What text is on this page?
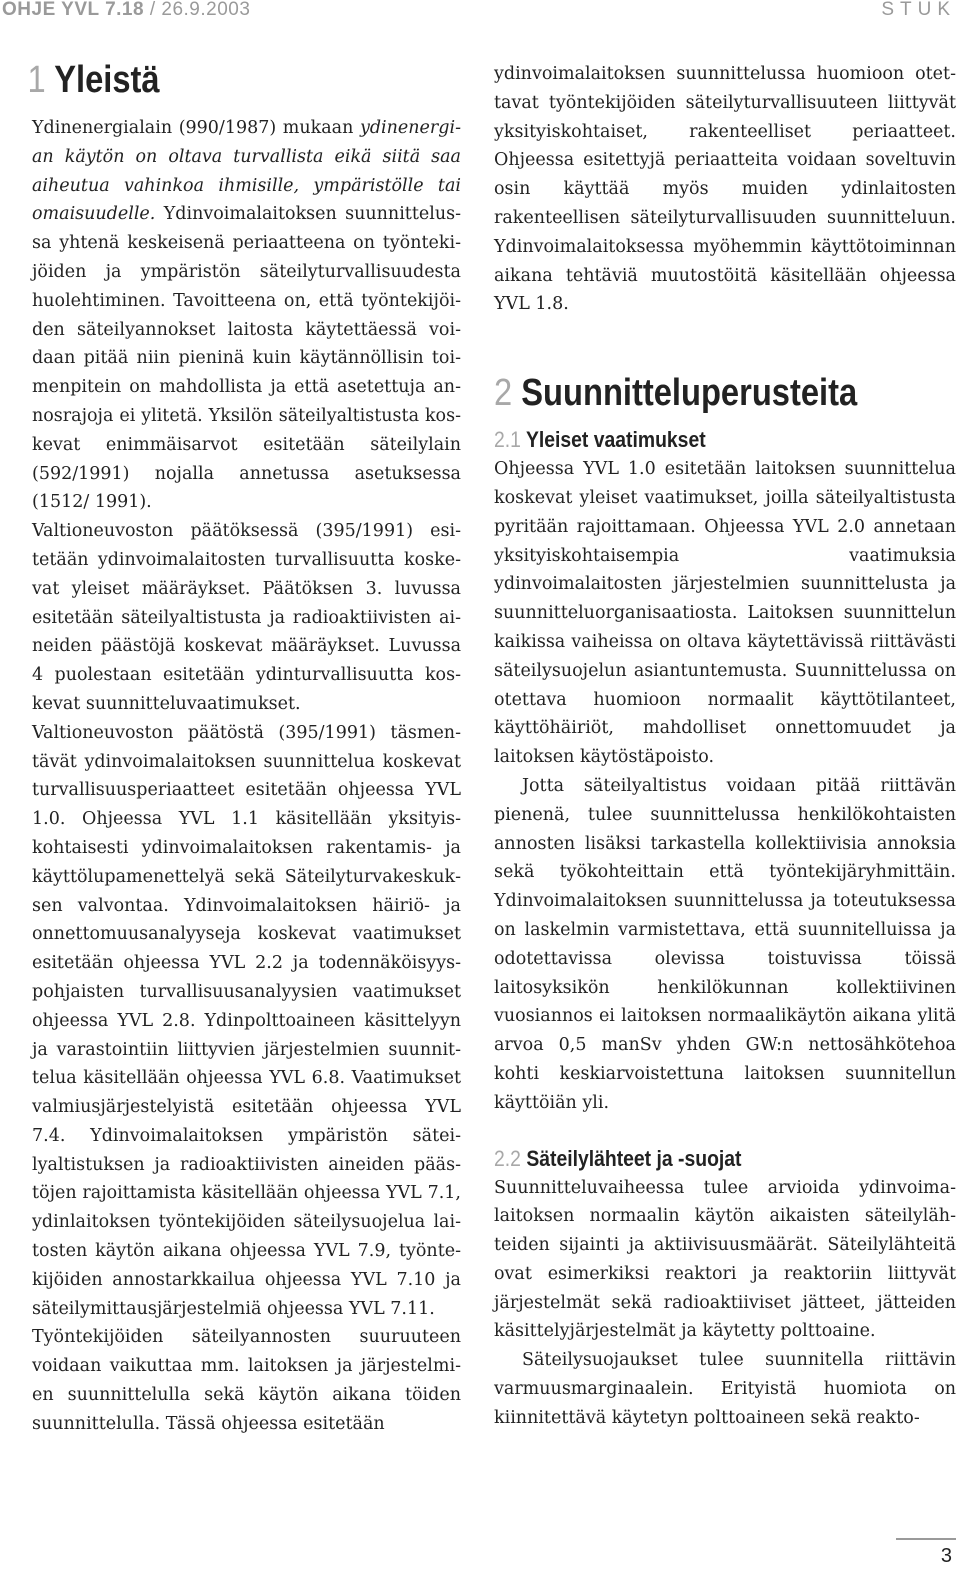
OHJE YVL 7.18 / 26.9.2003	STUK
1 Yleistä

Ydinenergialain (990/1987) mukaan ydinenergian käytön on oltava turvallista eikä siitä saa aiheutua vahinkoa ihmisille, ympäristölle tai omaisuudelle. Ydinvoimalaitoksen suunnittelussa yhtenä keskeisenä periaatteena on työntekijöiden ja ympäristön säteilyturvallisuudesta huolehtiminen. Tavoitteena on, että työntekijöiden säteilyannokset laitosta käytettäessä voidaan pitää niin pieninä kuin käytännöllisin toimenpitein on mahdollista ja että asetettuja annosrajoja ei ylitetä. Yksilön säteilyaltistusta koskevat enimmäisarvot esitetään säteilylain (592/1991) nojalla annetussa asetuksessa (1512/ 1991).

Valtioneuvoston päätöksessä (395/1991) esitetään ydinvoimalaitosten turvallisuutta koskevat yleiset määräykset. Päätöksen 3. luvussa esitetään säteilyaltistusta ja radioaktiivisten aineiden päästöjä koskevat määräykset. Luvussa 4 puolestaan esitetään ydinturvallisuutta koskevat suunnitteluvaatimukset.

Valtioneuvoston päätöstä (395/1991) täsmentävät ydinvoimalaitoksen suunnittelua koskevat turvallisuusperiaatteet esitetään ohjeessa YVL 1.0. Ohjeessa YVL 1.1 käsitellään yksityiskohtaisesti ydinvoimalaitoksen rakentamis- ja käyttölupamenettelyä sekä Säteilyturvakeskuksen valvontaa. Ydinvoimalaitoksen häiriö- ja onnettomuusanalyyseja koskevat vaatimukset esitetään ohjeessa YVL 2.2 ja todennäköisyyspohjaisten turvallisuusanalyysien vaatimukset ohjeessa YVL 2.8. Ydinpolttoaineen käsittelyyn ja varastointiin liittyvien järjestelmien suunnittelua käsitellään ohjeessa YVL 6.8. Vaatimukset valmiusjärjestelyistä esitetään ohjeessa YVL 7.4. Ydinvoimalaitoksen ympäristön säteilyaltistuksen ja radioaktiivisten aineiden päästöjen rajoittamista käsitellään ohjeessa YVL 7.1, ydinlaitoksen työntekijöiden säteilysuojelua laitosten käytön aikana ohjeessa YVL 7.9, työntekijöiden annostarkkailua ohjeessa YVL 7.10 ja säteilymittausjärjestelmiä ohjeessa YVL 7.11.

Työntekijöiden säteilyannosten suuruuteen voidaan vaikuttaa mm. laitoksen ja järjestelmien suunnittelulla sekä käytön aikana töiden suunnittelulla. Tässä ohjeessa esitetään

ydinvoimalaitoksen suunnittelussa huomioon otettavat työntekijöiden säteilyturvallisuuteen liittyvät yksityiskohtaiset, rakenteelliset periaatteet. Ohjeessa esitettyjä periaatteita voidaan soveltuvin osin käyttää myös muiden ydinlaitosten rakenteellisen säteilyturvallisuuden suunnitteluun. Ydinvoimalaitoksessa myöhemmin käyttötoiminnan aikana tehtäviä muutostöitä käsitellään ohjeessa YVL 1.8.

2 Suunnitteluperusteita
2.1 Yleiset vaatimukset

Ohjeessa YVL 1.0 esitetään laitoksen suunnittelua koskevat yleiset vaatimukset, joilla säteilyaltistusta pyritään rajoittamaan. Ohjeessa YVL 2.0 annetaan yksityiskohtaisempia vaatimuksia ydinvoimalaitosten järjestelmien suunnittelusta ja suunnitteluorganisaatiosta. Laitoksen suunnittelun kaikissa vaiheissa on oltava käytettävissä riittävästi säteilysuojelun asiantuntemusta. Suunnittelussa on otettava huomioon normaalit käyttötilanteet, käyttöhäiriöt, mahdolliset onnettomuudet ja laitoksen käytöstäpoisto.

Jotta säteilyaltistus voidaan pitää riittävän pienenä, tulee suunnittelussa henkilökohtaisten annosten lisäksi tarkastella kollektiivisia annoksia sekä työkohteittain että työntekijäryhmittäin. Ydinvoimalaitoksen suunnittelussa ja toteutuksessa on laskelmin varmistettava, että suunnitelluissa ja odotettavissa olevissa toistuvissa töissä laitosyksikön henkilökunnan kollektiivinen vuosiannos ei laitoksen normaalikäytön aikana ylitä arvoa 0,5 manSv yhden GW:n nettosähkötehoa kohti keskiarvoistettuna laitoksen suunnitellun käyttöiän yli.

2.2 Säteilylähteet ja -suojat

Suunnitteluvaiheessa tulee arvioida ydinvoimalaitoksen normaalin käytön aikaisten säteilylähteiden sijainti ja aktiivisuusmäärät. Säteilylähteitä ovat esimerkiksi reaktori ja reaktoriin liittyvät järjestelmät sekä radioaktiiviset jätteet, jätteiden käsittelyjärjestelmät ja käytetty polttoaine.

Säteilysuojaukset tulee suunnitella riittävin varmuusmarginaalein. Erityistä huomiota on kiinnitettävä käytetyn polttoaineen sekä reakto-

3
